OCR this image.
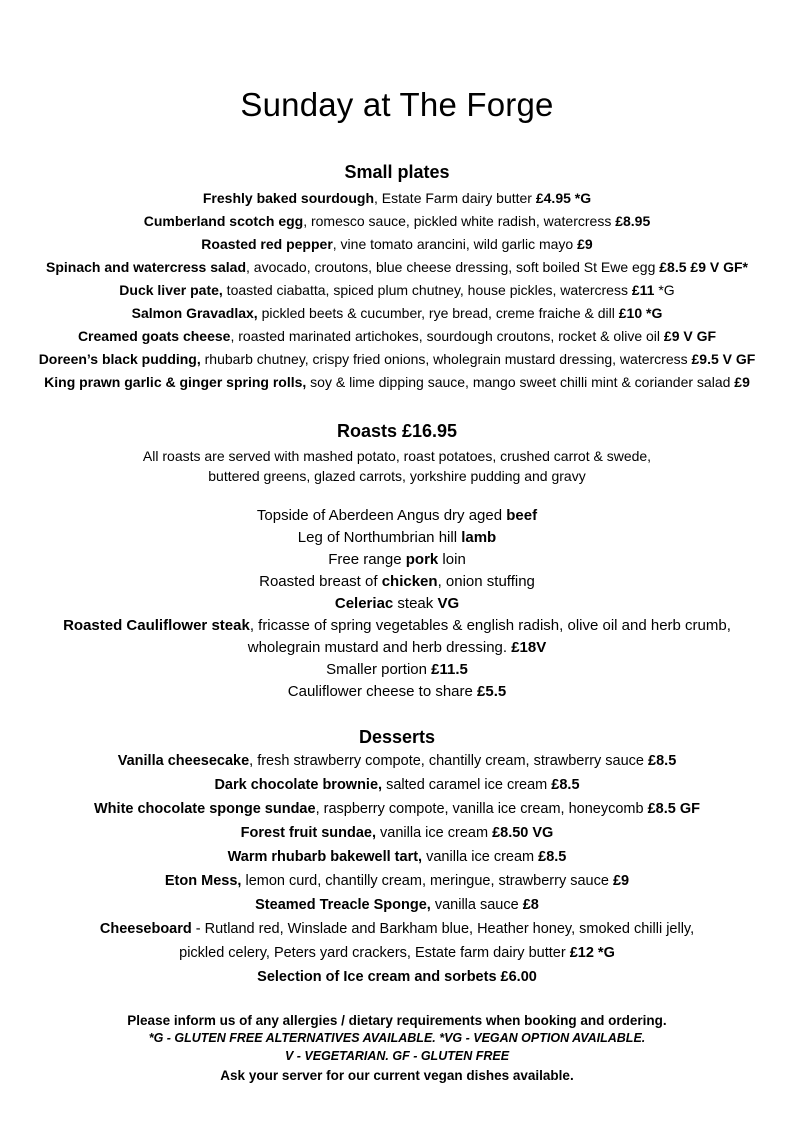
Sunday at The Forge
Small plates
Freshly baked sourdough, Estate Farm dairy butter £4.95 *G
Cumberland scotch egg, romesco sauce, pickled white radish, watercress £8.95
Roasted red pepper, vine tomato arancini, wild garlic mayo £9
Spinach and watercress salad, avocado, croutons, blue cheese dressing, soft boiled St Ewe egg £8.5 £9 V GF*
Duck liver pate, toasted ciabatta, spiced plum chutney, house pickles, watercress £11 *G
Salmon Gravadlax, pickled beets & cucumber, rye bread, creme fraiche & dill £10 *G
Creamed goats cheese, roasted marinated artichokes, sourdough croutons, rocket & olive oil £9 V GF
Doreen’s black pudding, rhubarb chutney, crispy fried onions, wholegrain mustard dressing, watercress £9.5 V GF
King prawn garlic & ginger spring rolls, soy & lime dipping sauce, mango sweet chilli mint & coriander salad £9
Roasts £16.95
All roasts are served with mashed potato, roast potatoes, crushed carrot & swede,
buttered greens, glazed carrots, yorkshire pudding and gravy
Topside of Aberdeen Angus dry aged beef
Leg of Northumbrian hill lamb
Free range pork loin
Roasted breast of chicken, onion stuffing
Celeriac steak VG
Roasted Cauliflower steak, fricasse of spring vegetables & english radish, olive oil and herb crumb,
wholegrain mustard and herb dressing. £18V
Smaller portion £11.5
Cauliflower cheese to share £5.5
Desserts
Vanilla cheesecake, fresh strawberry compote, chantilly cream, strawberry sauce £8.5
Dark chocolate brownie, salted caramel ice cream £8.5
White chocolate sponge sundae, raspberry compote, vanilla ice cream, honeycomb £8.5 GF
Forest fruit sundae, vanilla ice cream £8.50 VG
Warm rhubarb bakewell tart, vanilla ice cream £8.5
Eton Mess, lemon curd, chantilly cream, meringue, strawberry sauce £9
Steamed Treacle Sponge, vanilla sauce £8
Cheeseboard - Rutland red, Winslade and Barkham blue, Heather honey, smoked chilli jelly,
pickled celery, Peters yard crackers, Estate farm dairy butter £12 *G
Selection of Ice cream and sorbets £6.00
Please inform us of any allergies / dietary requirements when booking and ordering.
*G - GLUTEN FREE ALTERNATIVES AVAILABLE. *VG - VEGAN OPTION AVAILABLE.
V - VEGETARIAN. GF - GLUTEN FREE
Ask your server for our current vegan dishes available.
